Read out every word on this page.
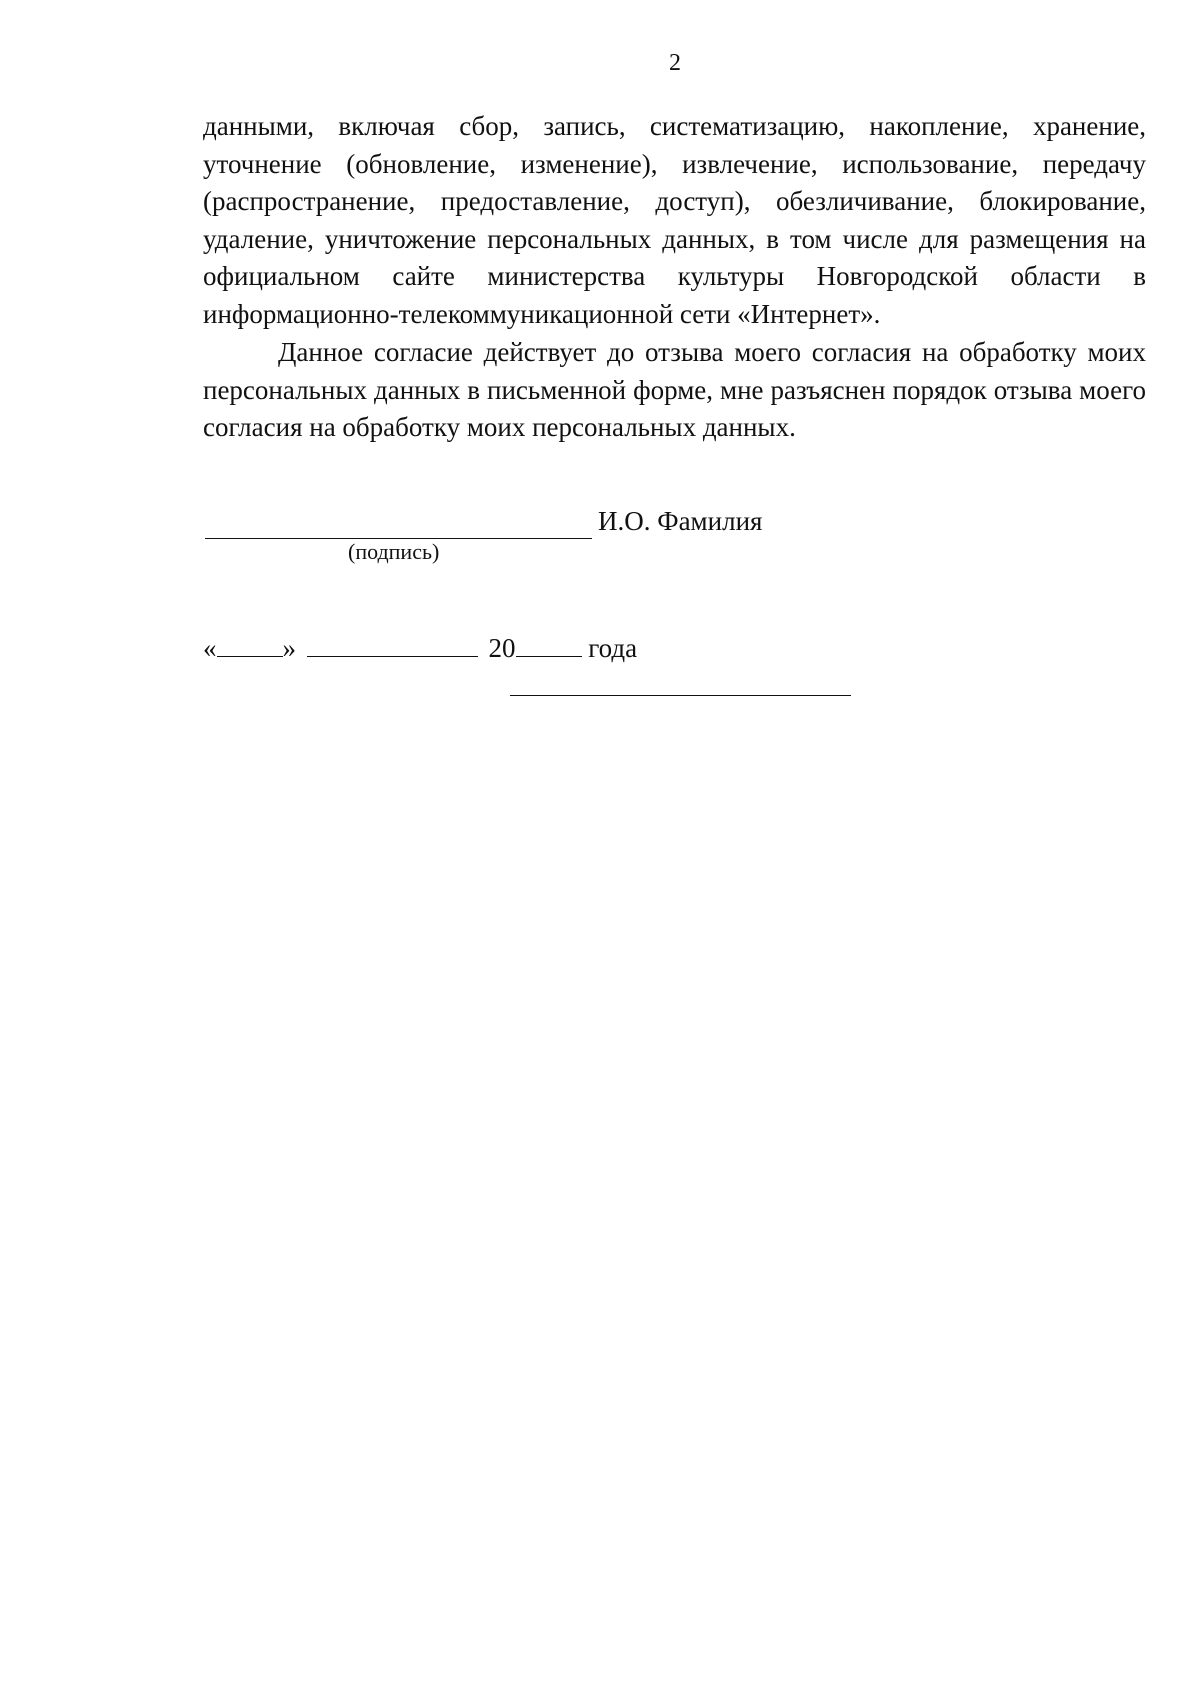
2

данными, включая сбор, запись, систематизацию, накопление, хранение, уточнение (обновление, изменение), извлечение, использование, передачу (распространение, предоставление, доступ), обезличивание, блокирование, удаление, уничтожение персональных данных, в том числе для размещения на официальном сайте министерства культуры Новгородской области в информационно-телекоммуникационной сети «Интернет».

Данное согласие действует до отзыва моего согласия на обработку моих персональных данных в письменной форме, мне разъяснен порядок отзыва моего согласия на обработку моих персональных данных.

И.О. Фамилия
(подпись)
« »	20	года
